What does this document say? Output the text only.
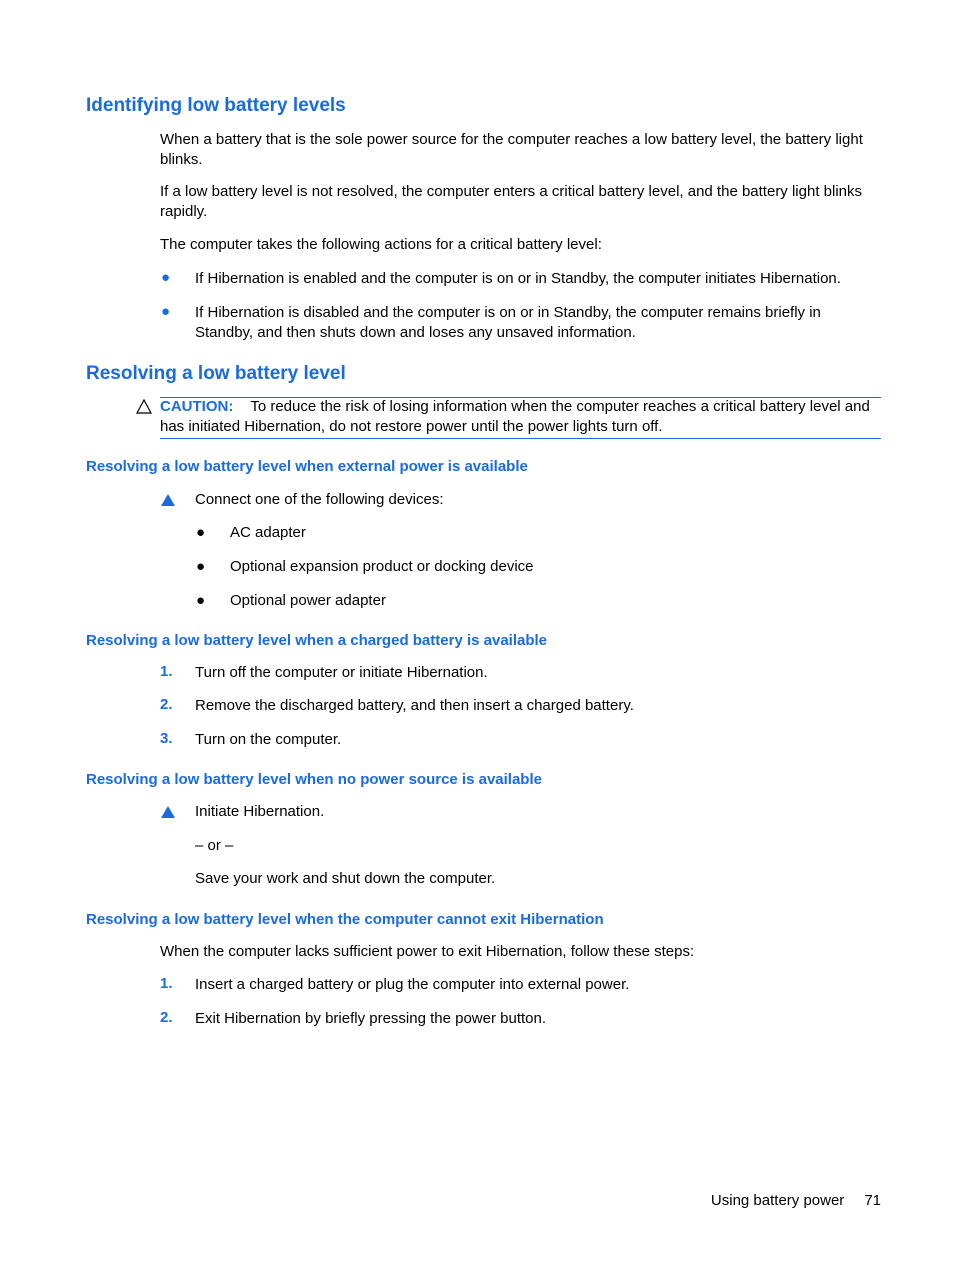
Identifying low battery levels
When a battery that is the sole power source for the computer reaches a low battery level, the battery light blinks.
If a low battery level is not resolved, the computer enters a critical battery level, and the battery light blinks rapidly.
The computer takes the following actions for a critical battery level:
● If Hibernation is enabled and the computer is on or in Standby, the computer initiates Hibernation.
● If Hibernation is disabled and the computer is on or in Standby, the computer remains briefly in Standby, and then shuts down and loses any unsaved information.
Resolving a low battery level
CAUTION: To reduce the risk of losing information when the computer reaches a critical battery level and has initiated Hibernation, do not restore power until the power lights turn off.
Resolving a low battery level when external power is available
Connect one of the following devices:
● AC adapter
● Optional expansion product or docking device
● Optional power adapter
Resolving a low battery level when a charged battery is available
1. Turn off the computer or initiate Hibernation.
2. Remove the discharged battery, and then insert a charged battery.
3. Turn on the computer.
Resolving a low battery level when no power source is available
Initiate Hibernation.
– or –
Save your work and shut down the computer.
Resolving a low battery level when the computer cannot exit Hibernation
When the computer lacks sufficient power to exit Hibernation, follow these steps:
1. Insert a charged battery or plug the computer into external power.
2. Exit Hibernation by briefly pressing the power button.
Using battery power 71
